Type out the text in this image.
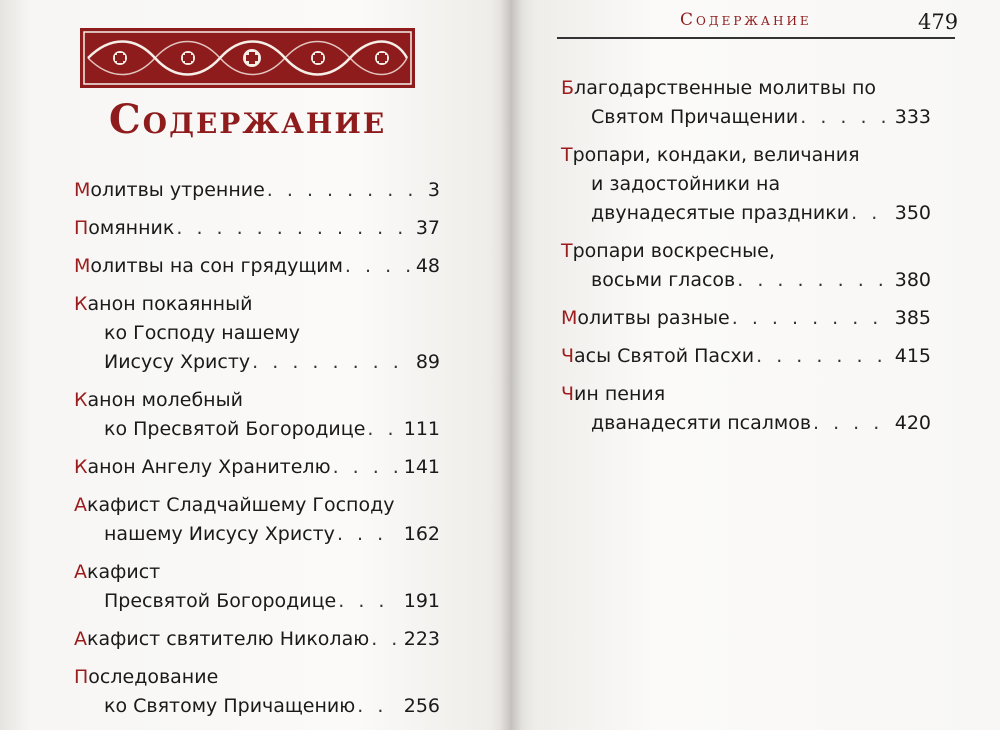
Содержание
Молитвы утренние . . .	3
Помянник . . .	37
Молитвы на сон грядущим . . .	48
Канон покаянный
ко Господу нашему
Иисусу Христу . . .	89
Канон молебный
ко Пресвятой Богородице . . . 111
Канон Ангелу Хранителю . . .	141
Акафист Сладчайшему Господу
нашему Иисусу Христу . . .	162
Акафист
Пресвятой Богородице . . .	191
Акафист святителю Николаю . . . 223
Последование
ко Святому Причащению . . .	256
Содержание	479
Благодарственные молитвы по
Святом Причащении . . .	333
Тропари, кондаки, величания
и задостойники на
двунадесятые праздники . . . 350
Тропари воскресные,
восьми гласов . . .	380
Молитвы разные . . .	385
Часы Святой Пасхи . . .	415
Чин пения
дванадесяти псалмов . . .	420
